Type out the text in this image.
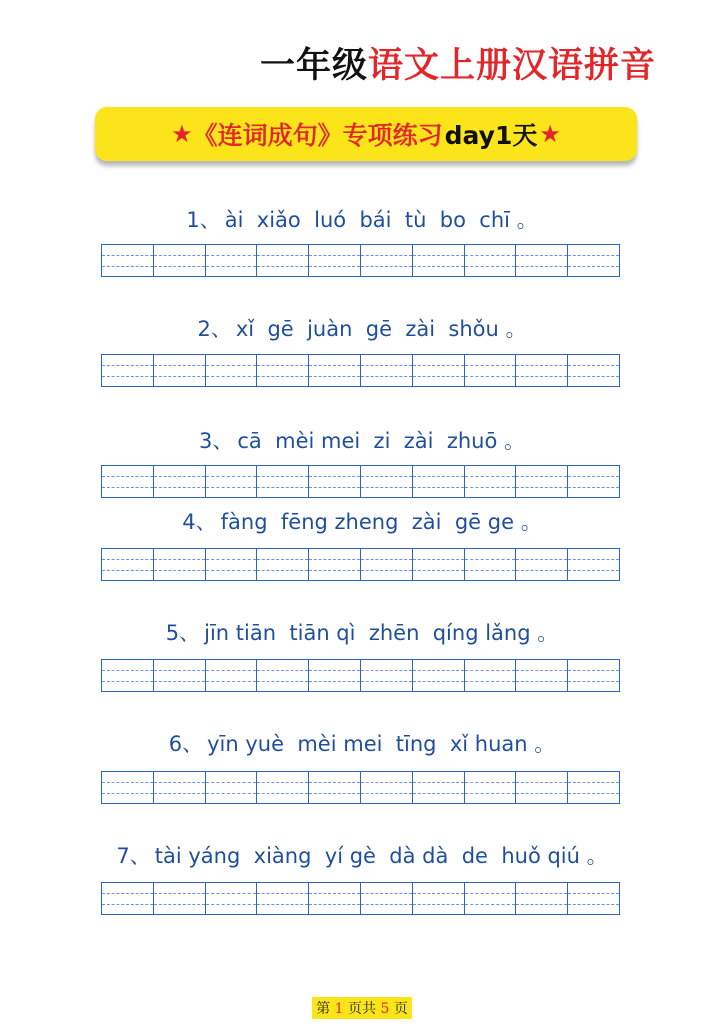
一年级语文上册汉语拼音
★ 《连词成句》专项练习 day1天 ★
1、 ài  xiǎo  luó  bái  tù  bo  chī 。
2、 xǐ  gē  juàn  gē  zài  shǒu 。
3、 cā  mèi mei  zi  zài  zhuō 。
4、 fàng  fēng zheng  zài  gē ge 。
5、 jīn tiān  tiān qì  zhēn  qíng lǎng 。
6、 yīn yuè  mèi mei  tīng  xǐ huan 。
7、 tài yáng  xiàng  yí gè  dà dà  de  huǒ qiú 。
第 1 页共 5 页
